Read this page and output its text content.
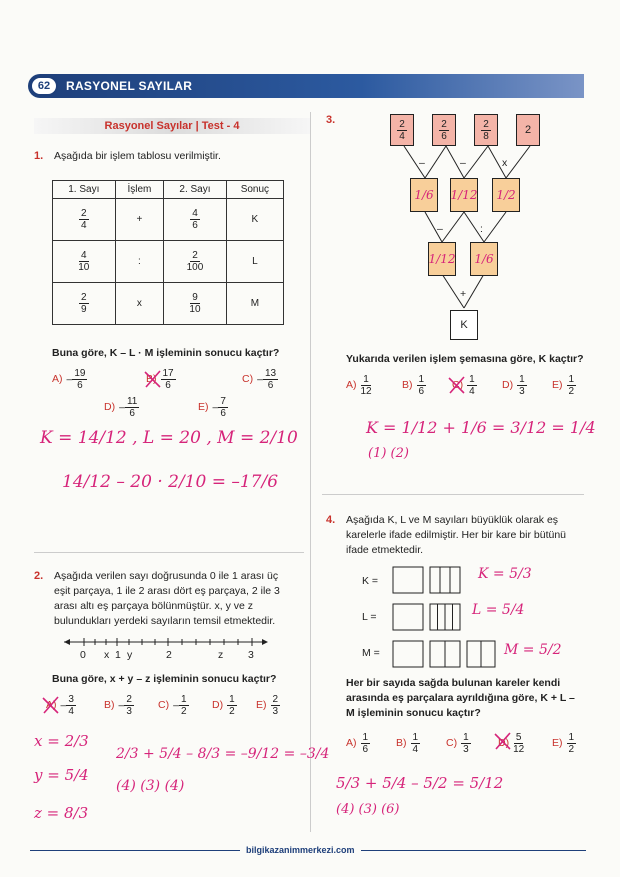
62	RASYONEL SAYILAR
Rasyonel Sayılar | Test - 4
1. Aşağıda bir işlem tablosu verilmiştir.
1. Sayı	İşlem	2. Sayı	Sonuç

$\frac{2}{4}$	+	$\frac{4}{6}$	K

$\frac{4}{10}$	:	$\frac{2}{100}$	L

$\frac{2}{9}$	x	$\frac{9}{10}$	M
Buna göre, K – L · M işleminin sonucu kaçtır?
$A) - \frac{19}{6}$	$B) \frac{17}{6}$	$C) - \frac{13}{6}$
$D) - \frac{11}{6}$	$E) - \frac{7}{6}$
K = 14/12 , L = 20 , M = 2/10
14/12 – 20 · 2/10 = –17/6
2. Aşağıda verilen sayı doğrusunda 0 ile 1 arası üç eşit parçaya, 1 ile 2 arası dört eş parçaya, 2 ile 3 arası altı eş parçaya bölünmüştür. x, y ve z bulundukları yerdeki sayıların temsil etmektedir.
0 x 1 y	2	z 3
Buna göre, x + y – z işleminin sonucu kaçtır?
$A) - \frac{3}{4}$	$B) - \frac{2}{3} C) - \frac{1}{2} D) \frac{1}{2} E) \frac{2}{3}$
x = 2/3
y = 5/4
z = 8/3
2/3 + 5/4 – 8/3 = –9/12 = –3/4
(4) (3) (4)
3.	$\frac{2}{4}$	$\frac{2}{6}$	$\frac{2}{8}$	2
–	–	x
1/6	1/12	1/2
–	:
1/12	1/6
+
K
Yukarıda verilen işlem şemasına göre, K kaçtır?
$A) \frac{1}{12}$	$B) \frac{1}{6} C) \frac{1}{4} D) \frac{1}{3} E) \frac{1}{2}$
K = 1/12 + 1/6 = 3/12 = 1/4
(1) (2)
4. Aşağıda K, L ve M sayıları büyüklük olarak eş karelerle ifade edilmiştir. Her bir kare bir bütünü ifade etmektedir.
K =
L =
M =
K = 5/3
L = 5/4
M = 5/2
Her bir sayıda sağda bulunan kareler kendi arasında eş parçalara ayrıldığına göre, K + L – M işleminin sonucu kaçtır?
$A) \frac{1}{6} B) \frac{1}{4} C) \frac{1}{3}$	$D) \frac{5}{12}$	$E) \frac{1}{2}$
5/3 + 5/4 – 5/2 = 5/12
(4) (3) (6)
bilgikazanimmerkezi.com
